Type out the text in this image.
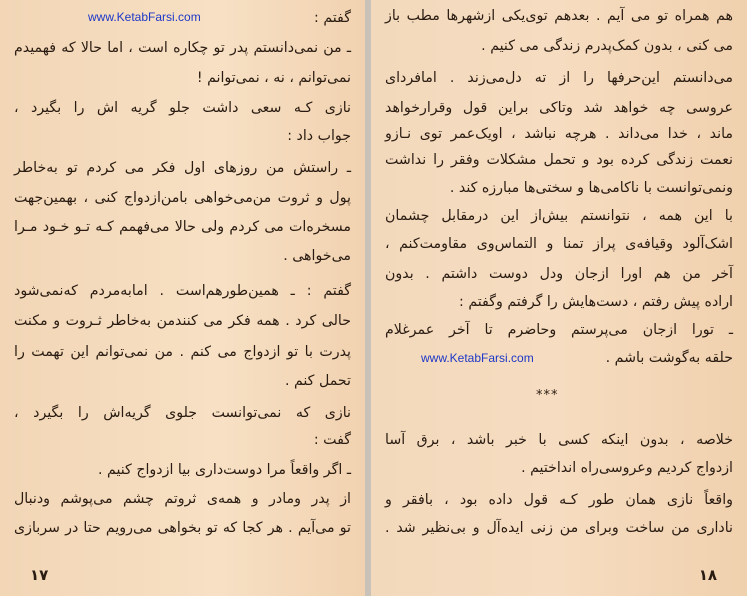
www.KetabFarsi.com	گفتم :
ـ من نمی‌دانستم پدر تو چکاره است ، اما حالا که فهمیدم
نمی‌توانم ، نه ، نمی‌توانم !
نازی کـه سعی داشت جلو گریه اش را بگیرد ،
جواب داد :
ـ راستش من روزهای اول فکر می کردم تو به‌خاطر
پول و ثروت من‌می‌خواهی بامن‌ازدواج کنی ، بهمین‌جهت
مسخره‌ات می کردم ولی حالا می‌فهمم کـه تـو خـود مـرا
می‌خواهی .
گفتم : ـ همین‌طورهم‌است . امابه‌مردم که‌نمی‌شود
حالی کرد . همه فکر می کنندمن به‌خاطر ثـروت و مکنت
پدرت با تو ازدواج می کنم . من نمی‌توانم این تهمت را
تحمل کنم .
نازی که نمی‌توانست جلوی گریه‌اش را بگیرد ،
گفت :
ـ اگر واقعاً مرا دوست‌داری بیا ازدواج کنیم .
از پدر ومادر و همه‌ی ثروتم چشم می‌پوشم ودنبال
تو می‌آیم . هر کجا که تو بخواهی می‌رویم حتا در سربازی
۱۷
هم همراه تو می آیم . بعدهم توی‌یکی ازشهرها مطب باز
می کنی ، بدون کمک‌پدرم زندگی می کنیم .
می‌دانستم این‌حرفها را از ته دل‌می‌زند . امافردای
عروسی چه خواهد شد وتاکی براین قول وقرارخواهد
ماند ، خدا می‌داند . هرچه نباشد ، اویک‌عمر توی نـازو
نعمت زندگی کرده بود و تحمل مشکلات وفقر را نداشت
ونمی‌توانست با ناکامی‌ها و سختی‌ها مبارزه کند .
با این همه ، نتوانستم بیش‌از این درمقابل چشمان
اشک‌آلود وقیافه‌ی پراز تمنا و التماس‌وی مقاومت‌کنم ،
آخر من هم اورا ازجان ودل دوست داشتم . بدون
اراده پیش رفتم ، دست‌هایش را گرفتم وگفتم :
ـ تورا ازجان می‌پرستم وحاضرم تا آخر عمرغلام
حلقه به‌گوشت باشم .
www.KetabFarsi.com
***
خلاصه ، بدون اینکه کسی با خبر باشد ، برق آسا
ازدواج کردیم وعروسی‌راه انداختیم .
واقعاً نازی همان طور کـه قول داده بود ، بافقر و
ناداری من ساخت وبرای من زنی ایده‌آل و بی‌نظیر شد .
۱۸
